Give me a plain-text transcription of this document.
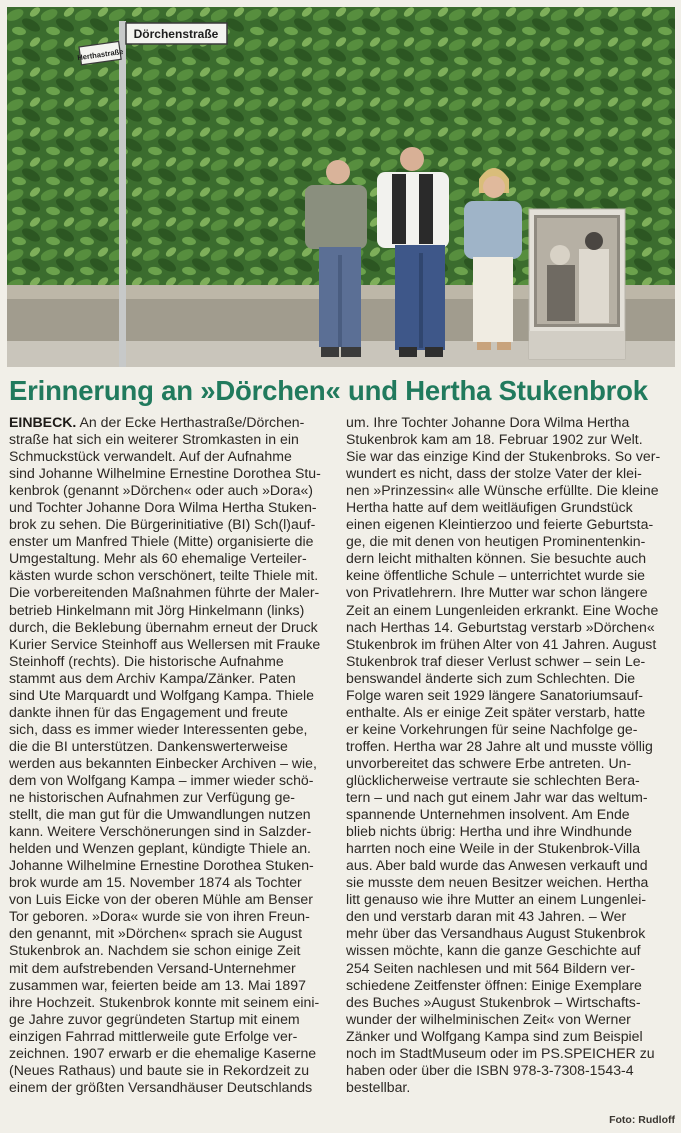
Dörchenstraße
Herthastraße
Erinnerung an »Dörchen« und Hertha Stukenbrok
EINBECK. An der Ecke Herthastraße/Dörchen-
straße hat sich ein weiterer Stromkasten in ein
Schmuckstück verwandelt. Auf der Aufnahme
sind Johanne Wilhelmine Ernestine Dorothea Stu-
kenbrok (genannt »Dörchen« oder auch »Dora«)
und Tochter Johanne Dora Wilma Hertha Stuken-
brok zu sehen. Die Bürgerinitiative (BI) Sch(l)auf-
enster um Manfred Thiele (Mitte) organisierte die
Umgestaltung. Mehr als 60 ehemalige Verteiler-
kästen wurde schon verschönert, teilte Thiele mit.
Die vorbereitenden Maßnahmen führte der Maler-
betrieb Hinkelmann mit Jörg Hinkelmann (links)
durch, die Beklebung übernahm erneut der Druck
Kurier Service Steinhoff aus Wellersen mit Frauke
Steinhoff (rechts). Die historische Aufnahme
stammt aus dem Archiv Kampa/Zänker. Paten
sind Ute Marquardt und Wolfgang Kampa. Thiele
dankte ihnen für das Engagement und freute
sich, dass es immer wieder Interessenten gebe,
die die BI unterstützen. Dankenswerterweise
werden aus bekannten Einbecker Archiven – wie,
dem von Wolfgang Kampa – immer wieder schö-
ne historischen Aufnahmen zur Verfügung ge-
stellt, die man gut für die Umwandlungen nutzen
kann. Weitere Verschönerungen sind in Salzder-
helden und Wenzen geplant, kündigte Thiele an.
Johanne Wilhelmine Ernestine Dorothea Stuken-
brok wurde am 15. November 1874 als Tochter
von Luis Eicke von der oberen Mühle am Benser
Tor geboren. »Dora« wurde sie von ihren Freun-
den genannt, mit »Dörchen« sprach sie August
Stukenbrok an. Nachdem sie schon einige Zeit
mit dem aufstrebenden Versand-Unternehmer
zusammen war, feierten beide am 13. Mai 1897
ihre Hochzeit. Stukenbrok konnte mit seinem eini-
ge Jahre zuvor gegründeten Startup mit einem
einzigen Fahrrad mittlerweile gute Erfolge ver-
zeichnen. 1907 erwarb er die ehemalige Kaserne
(Neues Rathaus) und baute sie in Rekordzeit zu
einem der größten Versandhäuser Deutschlands
um. Ihre Tochter Johanne Dora Wilma Hertha
Stukenbrok kam am 18. Februar 1902 zur Welt.
Sie war das einzige Kind der Stukenbroks. So ver-
wundert es nicht, dass der stolze Vater der klei-
nen »Prinzessin« alle Wünsche erfüllte. Die kleine
Hertha hatte auf dem weitläufigen Grundstück
einen eigenen Kleintierzoo und feierte Geburtsta-
ge, die mit denen von heutigen Prominentenkin-
dern leicht mithalten können. Sie besuchte auch
keine öffentliche Schule – unterrichtet wurde sie
von Privatlehrern. Ihre Mutter war schon längere
Zeit an einem Lungenleiden erkrankt. Eine Woche
nach Herthas 14. Geburtstag verstarb »Dörchen«
Stukenbrok im frühen Alter von 41 Jahren. August
Stukenbrok traf dieser Verlust schwer – sein Le-
benswandel änderte sich zum Schlechten. Die
Folge waren seit 1929 längere Sanatoriumsauf-
enthalte. Als er einige Zeit später verstarb, hatte
er keine Vorkehrungen für seine Nachfolge ge-
troffen. Hertha war 28 Jahre alt und musste völlig
unvorbereitet das schwere Erbe antreten. Un-
glücklicherweise vertraute sie schlechten Bera-
tern – und nach gut einem Jahr war das weltum-
spannende Unternehmen insolvent. Am Ende
blieb nichts übrig: Hertha und ihre Windhunde
harrten noch eine Weile in der Stukenbrok-Villa
aus. Aber bald wurde das Anwesen verkauft und
sie musste dem neuen Besitzer weichen. Hertha
litt genauso wie ihre Mutter an einem Lungenlei-
den und verstarb daran mit 43 Jahren. – Wer
mehr über das Versandhaus August Stukenbrok
wissen möchte, kann die ganze Geschichte auf
254 Seiten nachlesen und mit 564 Bildern ver-
schiedene Zeitfenster öffnen: Einige Exemplare
des Buches »August Stukenbrok – Wirtschafts-
wunder der wilhelminischen Zeit« von Werner
Zänker und Wolfgang Kampa sind zum Beispiel
noch im StadtMuseum oder im PS.SPEICHER zu
haben oder über die ISBN 978-3-7308-1543-4
bestellbar.
Foto: Rudloff
